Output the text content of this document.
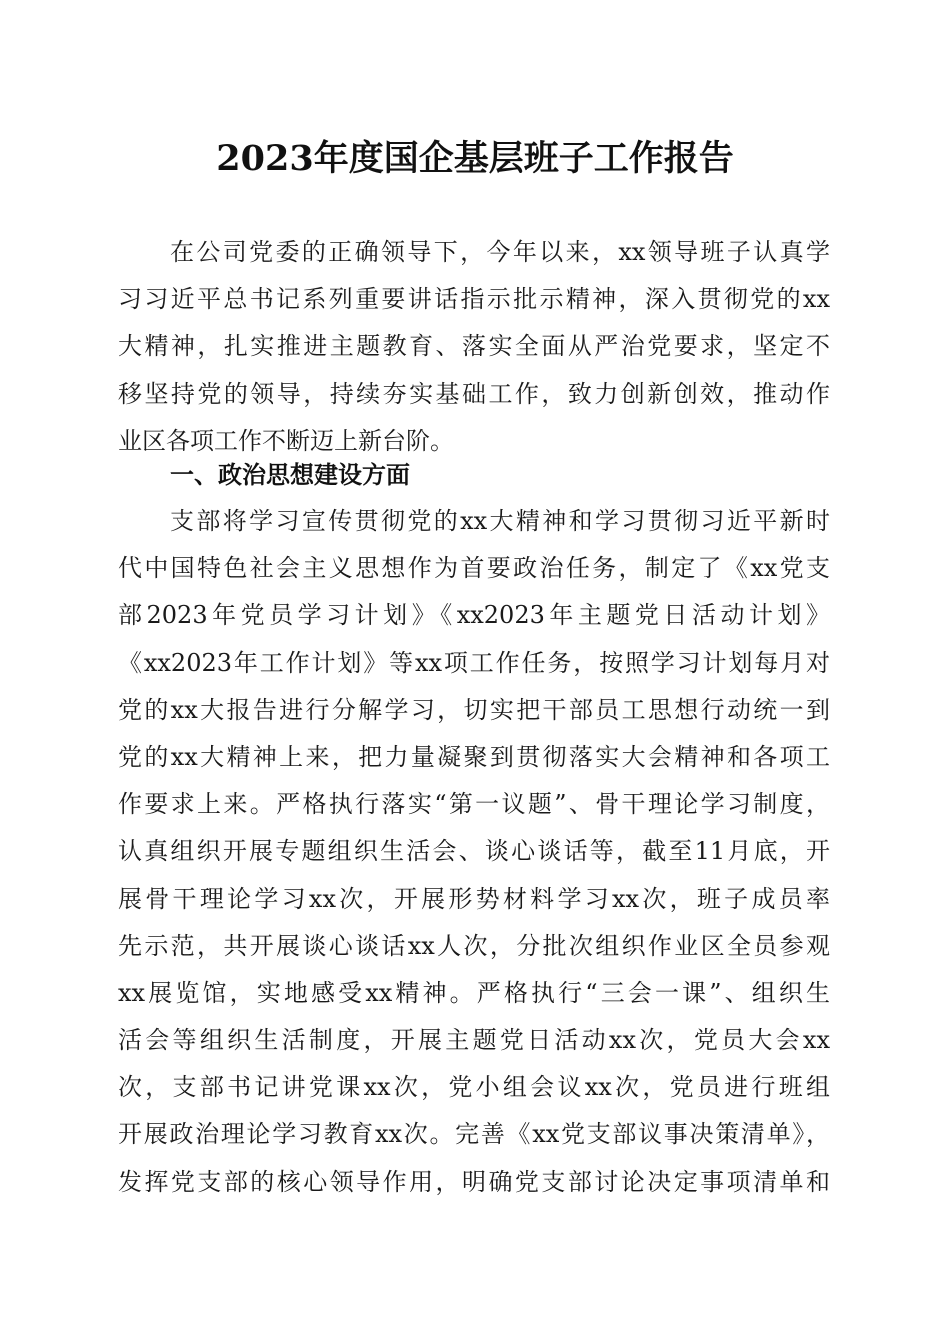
2023年度国企基层班子工作报告
在公司党委的正确领导下，今年以来，xx领导班子认真学
习习近平总书记系列重要讲话指示批示精神，深入贯彻党的xx
大精神，扎实推进主题教育、落实全面从严治党要求，坚定不
移坚持党的领导，持续夯实基础工作，致力创新创效，推动作
业区各项工作不断迈上新台阶。
一、政治思想建设方面
支部将学习宣传贯彻党的xx大精神和学习贯彻习近平新时
代中国特色社会主义思想作为首要政治任务，制定了《xx党支
部2023年党员学习计划》《xx2023年主题党日活动计划》
《xx2023年工作计划》等xx项工作任务，按照学习计划每月对
党的xx大报告进行分解学习，切实把干部员工思想行动统一到
党的xx大精神上来，把力量凝聚到贯彻落实大会精神和各项工
作要求上来。严格执行落实“第一议题”、骨干理论学习制度，
认真组织开展专题组织生活会、谈心谈话等，截至11月底，开
展骨干理论学习xx次，开展形势材料学习xx次，班子成员率
先示范，共开展谈心谈话xx人次，分批次组织作业区全员参观
xx展览馆，实地感受xx精神。严格执行“三会一课”、组织生
活会等组织生活制度，开展主题党日活动xx次，党员大会xx
次，支部书记讲党课xx次，党小组会议xx次，党员进行班组
开展政治理论学习教育xx次。完善《xx党支部议事决策清单》，
发挥党支部的核心领导作用，明确党支部讨论决定事项清单和
